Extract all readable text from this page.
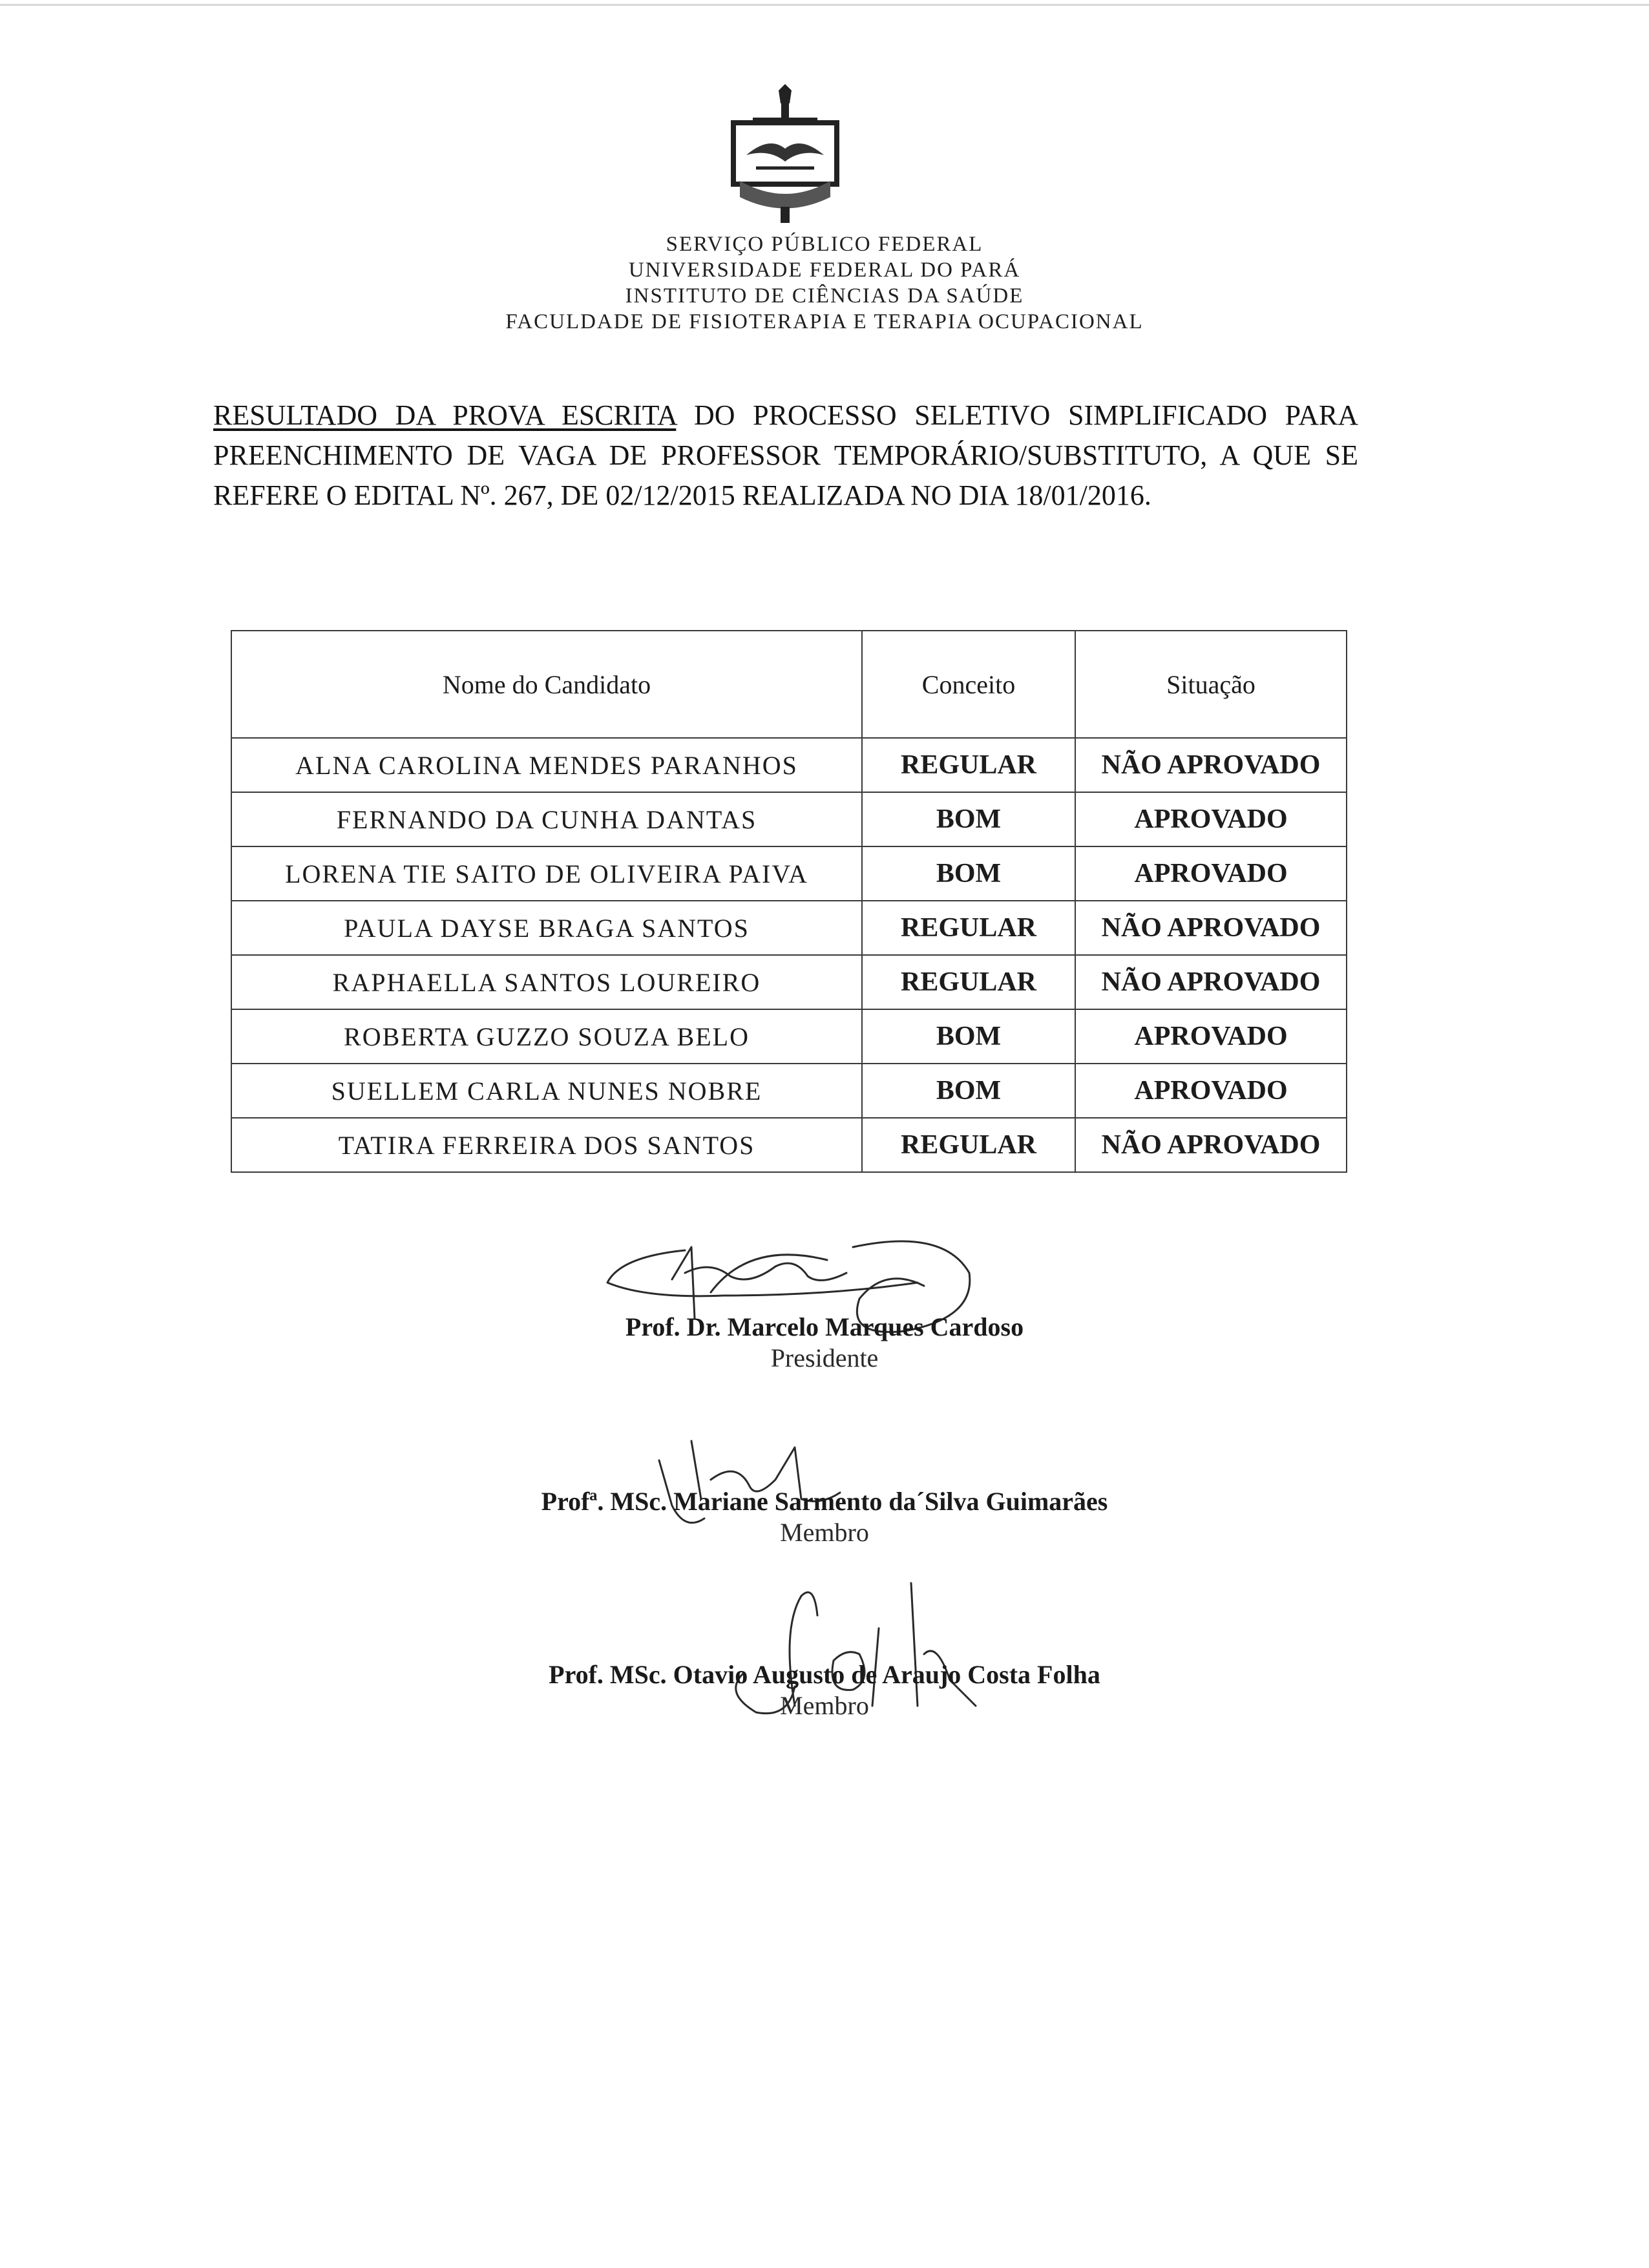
SERVIÇO PÚBLICO FEDERAL
UNIVERSIDADE FEDERAL DO PARÁ
INSTITUTO DE CIÊNCIAS DA SAÚDE
FACULDADE DE FISIOTERAPIA E TERAPIA OCUPACIONAL
RESULTADO DA PROVA ESCRITA DO PROCESSO SELETIVO SIMPLIFICADO PARA PREENCHIMENTO DE VAGA DE PROFESSOR TEMPORÁRIO/SUBSTITUTO, A QUE SE REFERE O EDITAL Nº. 267, DE 02/12/2015 REALIZADA NO DIA 18/01/2016.
Nome do Candidato	Conceito	Situação
ALNA CAROLINA MENDES PARANHOS	REGULAR	NÃO APROVADO
FERNANDO DA CUNHA DANTAS	BOM	APROVADO
LORENA TIE SAITO DE OLIVEIRA PAIVA	BOM	APROVADO
PAULA DAYSE BRAGA SANTOS	REGULAR	NÃO APROVADO
RAPHAELLA SANTOS LOUREIRO	REGULAR	NÃO APROVADO
ROBERTA GUZZO SOUZA BELO	BOM	APROVADO
SUELLEM CARLA NUNES NOBRE	BOM	APROVADO
TATIRA FERREIRA DOS SANTOS	REGULAR	NÃO APROVADO
Prof. Dr. Marcelo Marques Cardoso
Presidente
Profª. MSc. Mariane Sarmento da´Silva Guimarães
Membro
Prof. MSc. Otavio Augusto de Araujo Costa Folha
Membro
